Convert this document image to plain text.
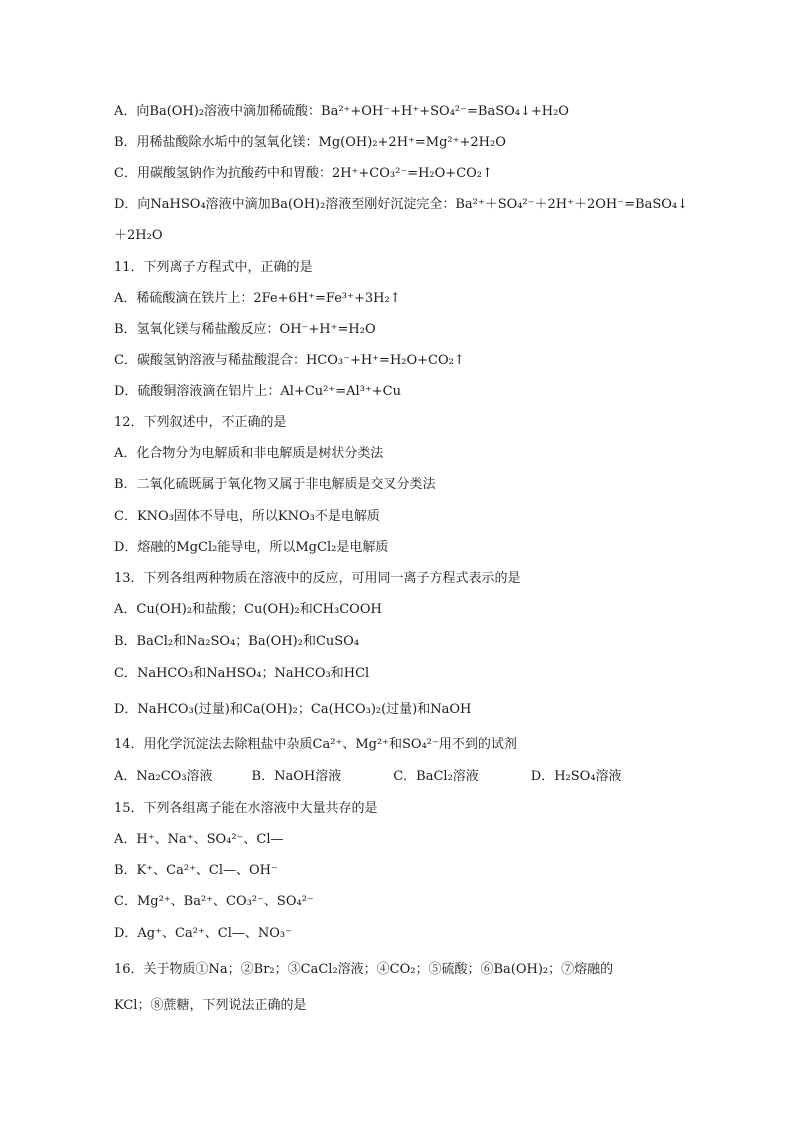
A．向Ba(OH)₂溶液中滴加稀硫酸：Ba²⁺+OH⁻+H⁺+SO₄²⁻=BaSO₄↓+H₂O
B．用稀盐酸除水垢中的氢氧化镁：Mg(OH)₂+2H⁺=Mg²⁺+2H₂O
C．用碳酸氢钠作为抗酸药中和胃酸：2H⁺+CO₃²⁻=H₂O+CO₂↑
D．向NaHSO₄溶液中滴加Ba(OH)₂溶液至刚好沉淀完全：Ba²⁺＋SO₄²⁻＋2H⁺＋2OH⁻=BaSO₄↓
＋2H₂O
11．下列离子方程式中，正确的是
A．稀硫酸滴在铁片上：2Fe+6H⁺=Fe³⁺+3H₂↑
B．氢氧化镁与稀盐酸反应：OH⁻+H⁺=H₂O
C．碳酸氢钠溶液与稀盐酸混合：HCO₃⁻+H⁺=H₂O+CO₂↑
D．硫酸铜溶液滴在铝片上：Al+Cu²⁺=Al³⁺+Cu
12．下列叙述中，不正确的是
A．化合物分为电解质和非电解质是树状分类法
B．二氧化硫既属于氧化物又属于非电解质是交叉分类法
C．KNO₃固体不导电，所以KNO₃不是电解质
D．熔融的MgCl₂能导电，所以MgCl₂是电解质
13．下列各组两种物质在溶液中的反应，可用同一离子方程式表示的是
A．Cu(OH)₂和盐酸；Cu(OH)₂和CH₃COOH
B．BaCl₂和Na₂SO₄；Ba(OH)₂和CuSO₄
C．NaHCO₃和NaHSO₄；NaHCO₃和HCl
D．NaHCO₃(过量)和Ca(OH)₂；Ca(HCO₃)₂(过量)和NaOH
14．用化学沉淀法去除粗盐中杂质Ca²⁺、Mg²⁺和SO₄²⁻用不到的试剂
A．Na₂CO₃溶液　　　B．NaOH溶液　　　　C．BaCl₂溶液　　　　D．H₂SO₄溶液
15．下列各组离子能在水溶液中大量共存的是
A．H⁺、Na⁺、SO₄²⁻、Cl—
B．K⁺、Ca²⁺、Cl—、OH⁻
C．Mg²⁺、Ba²⁺、CO₃²⁻、SO₄²⁻
D．Ag⁺、Ca²⁺、Cl—、NO₃⁻
16．关于物质①Na；②Br₂；③CaCl₂溶液；④CO₂；⑤硫酸；⑥Ba(OH)₂；⑦熔融的
KCl；⑧蔗糖，下列说法正确的是
